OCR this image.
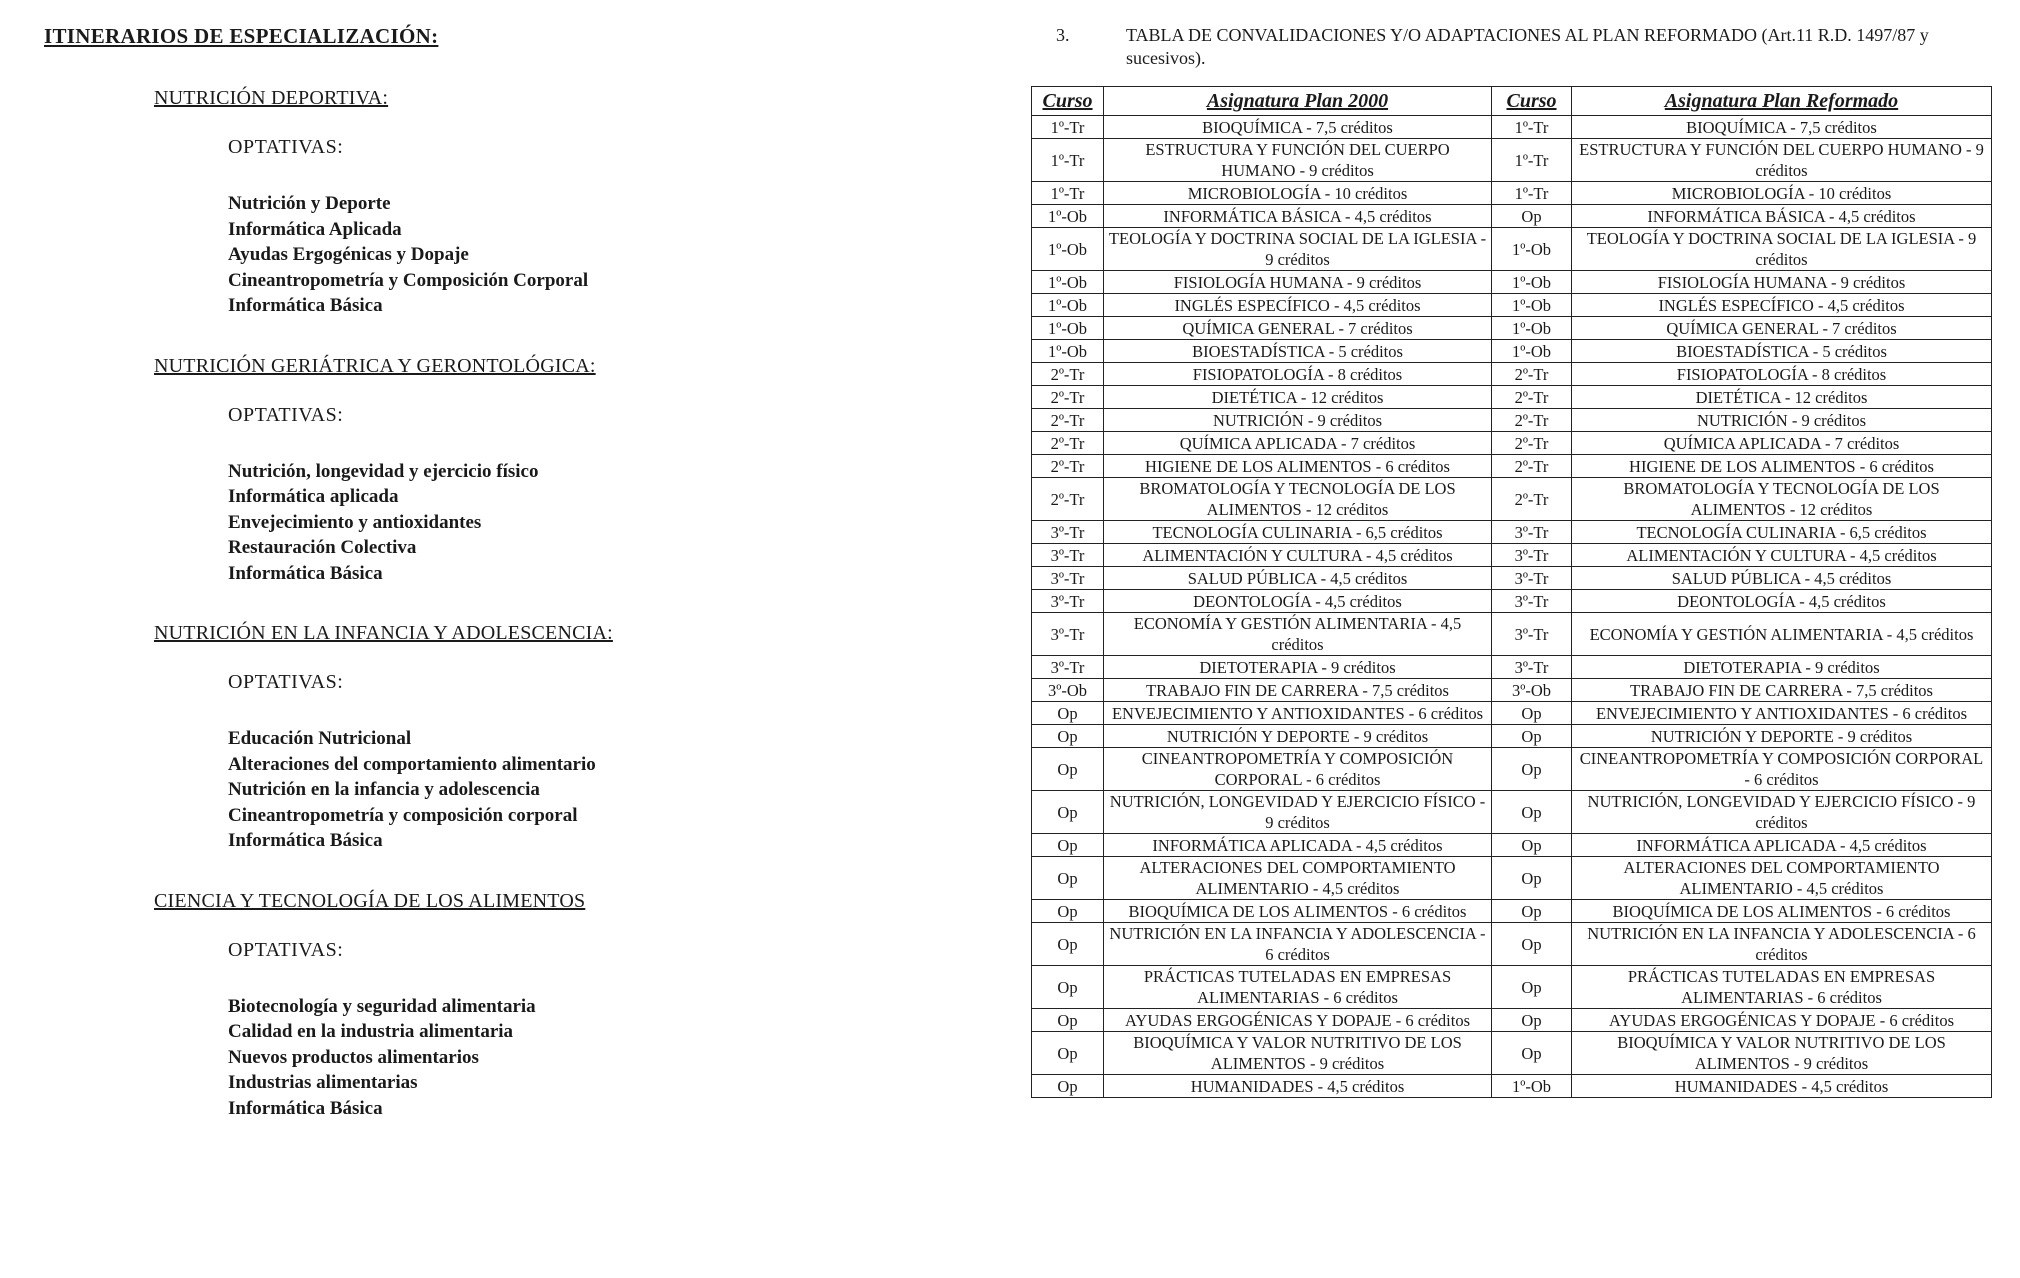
ITINERARIOS DE ESPECIALIZACIÓN:
NUTRICIÓN DEPORTIVA:
OPTATIVAS:
Nutrición y Deporte
Informática Aplicada
Ayudas Ergogénicas y Dopaje
Cineantropometría y Composición Corporal
Informática Básica
NUTRICIÓN GERIÁTRICA Y GERONTOLÓGICA:
OPTATIVAS:
Nutrición, longevidad y ejercicio físico
Informática aplicada
Envejecimiento y antioxidantes
Restauración Colectiva
Informática Básica
NUTRICIÓN EN LA INFANCIA Y ADOLESCENCIA:
OPTATIVAS:
Educación Nutricional
Alteraciones del comportamiento alimentario
Nutrición en la infancia y adolescencia
Cineantropometría y composición corporal
Informática Básica
CIENCIA Y TECNOLOGÍA DE LOS ALIMENTOS
OPTATIVAS:
Biotecnología y seguridad alimentaria
Calidad en la industria alimentaria
Nuevos productos alimentarios
Industrias alimentarias
Informática Básica
3.	TABLA DE CONVALIDACIONES Y/O ADAPTACIONES AL PLAN REFORMADO (Art.11 R.D. 1497/87 y sucesivos).
Curso	Asignatura Plan 2000	Curso	Asignatura Plan Reformado
1º-Tr	BIOQUÍMICA - 7,5 créditos	1º-Tr	BIOQUÍMICA - 7,5 créditos
1º-Tr	ESTRUCTURA Y FUNCIÓN DEL CUERPO HUMANO - 9 créditos	1º-Tr	ESTRUCTURA Y FUNCIÓN DEL CUERPO HUMANO - 9 créditos
1º-Tr	MICROBIOLOGÍA - 10 créditos	1º-Tr	MICROBIOLOGÍA - 10 créditos
1º-Ob	INFORMÁTICA BÁSICA - 4,5 créditos	Op	INFORMÁTICA BÁSICA - 4,5 créditos
1º-Ob	TEOLOGÍA Y DOCTRINA SOCIAL DE LA IGLESIA - 9 créditos	1º-Ob	TEOLOGÍA Y DOCTRINA SOCIAL DE LA IGLESIA - 9 créditos
1º-Ob	FISIOLOGÍA HUMANA - 9 créditos	1º-Ob	FISIOLOGÍA HUMANA - 9 créditos
1º-Ob	INGLÉS ESPECÍFICO - 4,5 créditos	1º-Ob	INGLÉS ESPECÍFICO - 4,5 créditos
1º-Ob	QUÍMICA GENERAL - 7 créditos	1º-Ob	QUÍMICA GENERAL - 7 créditos
1º-Ob	BIOESTADÍSTICA - 5 créditos	1º-Ob	BIOESTADÍSTICA - 5 créditos
2º-Tr	FISIOPATOLOGÍA - 8 créditos	2º-Tr	FISIOPATOLOGÍA - 8 créditos
2º-Tr	DIETÉTICA - 12 créditos	2º-Tr	DIETÉTICA - 12 créditos
2º-Tr	NUTRICIÓN - 9 créditos	2º-Tr	NUTRICIÓN - 9 créditos
2º-Tr	QUÍMICA APLICADA - 7 créditos	2º-Tr	QUÍMICA APLICADA - 7 créditos
2º-Tr	HIGIENE DE LOS ALIMENTOS - 6 créditos	2º-Tr	HIGIENE DE LOS ALIMENTOS - 6 créditos
2º-Tr	BROMATOLOGÍA Y TECNOLOGÍA DE LOS ALIMENTOS - 12 créditos	2º-Tr	BROMATOLOGÍA Y TECNOLOGÍA DE LOS ALIMENTOS - 12 créditos
3º-Tr	TECNOLOGÍA CULINARIA - 6,5 créditos	3º-Tr	TECNOLOGÍA CULINARIA - 6,5 créditos
3º-Tr	ALIMENTACIÓN Y CULTURA - 4,5 créditos	3º-Tr	ALIMENTACIÓN Y CULTURA - 4,5 créditos
3º-Tr	SALUD PÚBLICA - 4,5 créditos	3º-Tr	SALUD PÚBLICA - 4,5 créditos
3º-Tr	DEONTOLOGÍA - 4,5 créditos	3º-Tr	DEONTOLOGÍA - 4,5 créditos
3º-Tr	ECONOMÍA Y GESTIÓN ALIMENTARIA - 4,5 créditos	3º-Tr	ECONOMÍA Y GESTIÓN ALIMENTARIA - 4,5 créditos
3º-Tr	DIETOTERAPIA - 9 créditos	3º-Tr	DIETOTERAPIA - 9 créditos
3º-Ob	TRABAJO FIN DE CARRERA - 7,5 créditos	3º-Ob	TRABAJO FIN DE CARRERA - 7,5 créditos
Op	ENVEJECIMIENTO Y ANTIOXIDANTES - 6 créditos	Op	ENVEJECIMIENTO Y ANTIOXIDANTES - 6 créditos
Op	NUTRICIÓN Y DEPORTE - 9 créditos	Op	NUTRICIÓN Y DEPORTE - 9 créditos
Op	CINEANTROPOMETRÍA Y COMPOSICIÓN CORPORAL - 6 créditos	Op	CINEANTROPOMETRÍA Y COMPOSICIÓN CORPORAL - 6 créditos
Op	NUTRICIÓN, LONGEVIDAD Y EJERCICIO FÍSICO - 9 créditos	Op	NUTRICIÓN, LONGEVIDAD Y EJERCICIO FÍSICO - 9 créditos
Op	INFORMÁTICA APLICADA - 4,5 créditos	Op	INFORMÁTICA APLICADA - 4,5 créditos
Op	ALTERACIONES DEL COMPORTAMIENTO ALIMENTARIO - 4,5 créditos	Op	ALTERACIONES DEL COMPORTAMIENTO ALIMENTARIO - 4,5 créditos
Op	BIOQUÍMICA DE LOS ALIMENTOS - 6 créditos	Op	BIOQUÍMICA DE LOS ALIMENTOS - 6 créditos
Op	NUTRICIÓN EN LA INFANCIA Y ADOLESCENCIA - 6 créditos	Op	NUTRICIÓN EN LA INFANCIA Y ADOLESCENCIA - 6 créditos
Op	PRÁCTICAS TUTELADAS EN EMPRESAS ALIMENTARIAS - 6 créditos	Op	PRÁCTICAS TUTELADAS EN EMPRESAS ALIMENTARIAS - 6 créditos
Op	AYUDAS ERGOGÉNICAS Y DOPAJE - 6 créditos	Op	AYUDAS ERGOGÉNICAS Y DOPAJE - 6 créditos
Op	BIOQUÍMICA Y VALOR NUTRITIVO DE LOS ALIMENTOS - 9 créditos	Op	BIOQUÍMICA Y VALOR NUTRITIVO DE LOS ALIMENTOS - 9 créditos
Op	HUMANIDADES - 4,5 créditos	1º-Ob	HUMANIDADES - 4,5 créditos
